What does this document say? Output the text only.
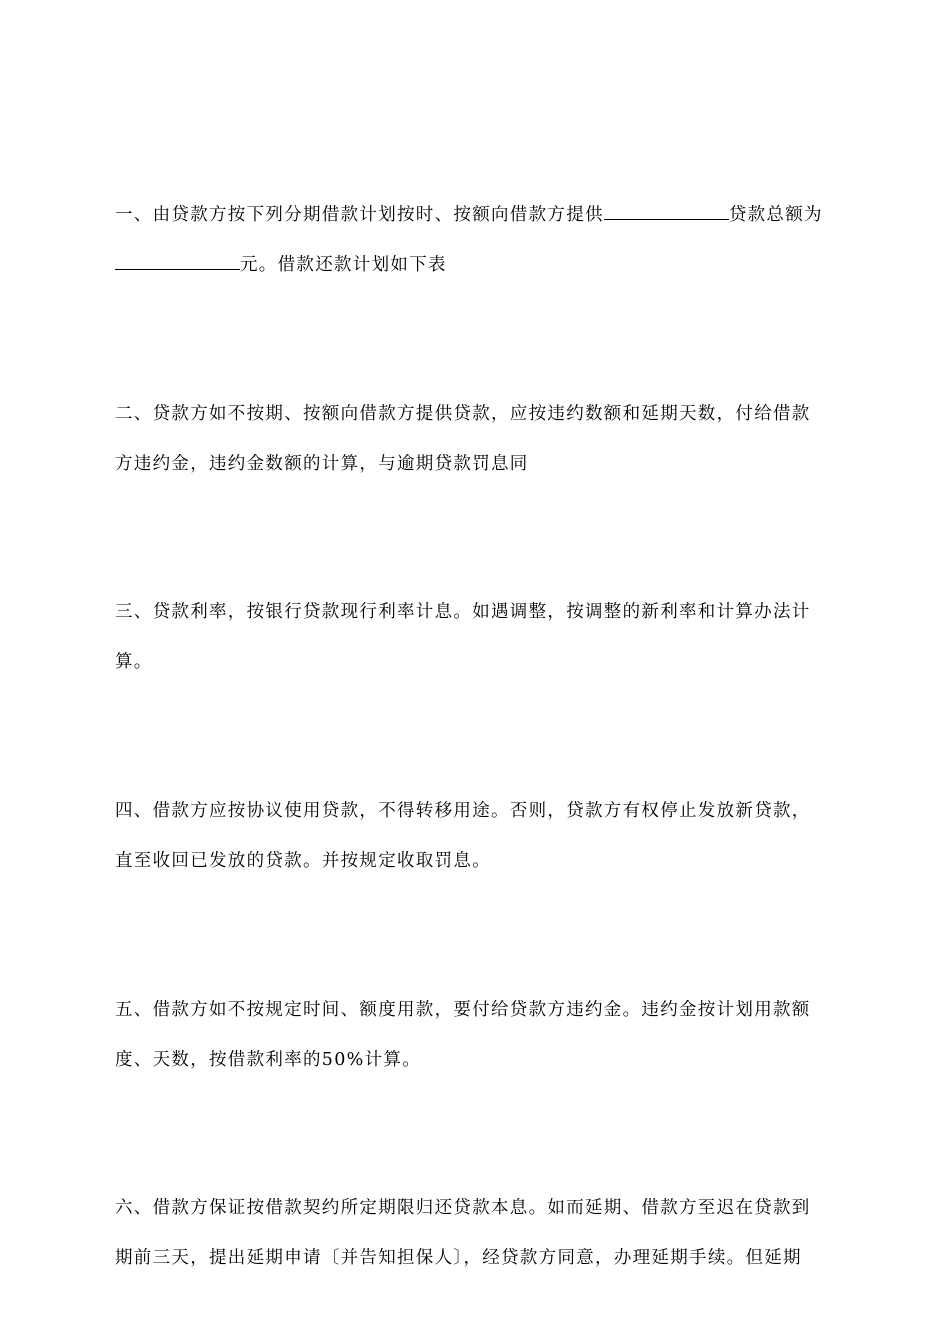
一、由贷款方按下列分期借款计划按时、按额向借款方提供	贷款总额为
元。借款还款计划如下表
二、贷款方如不按期、按额向借款方提供贷款，应按违约数额和延期天数，付给借款
方违约金，违约金数额的计算，与逾期贷款罚息同
三、贷款利率，按银行贷款现行利率计息。如遇调整，按调整的新利率和计算办法计
算。
四、借款方应按协议使用贷款，不得转移用途。否则，贷款方有权停止发放新贷款，
直至收回已发放的贷款。并按规定收取罚息。
五、借款方如不按规定时间、额度用款，要付给贷款方违约金。违约金按计划用款额
度、天数，按借款利率的50%计算。
六、借款方保证按借款契约所定期限归还贷款本息。如而延期、借款方至迟在贷款到
期前三天，提出延期申请〔并告知担保人〕，经贷款方同意，办理延期手续。但延期
